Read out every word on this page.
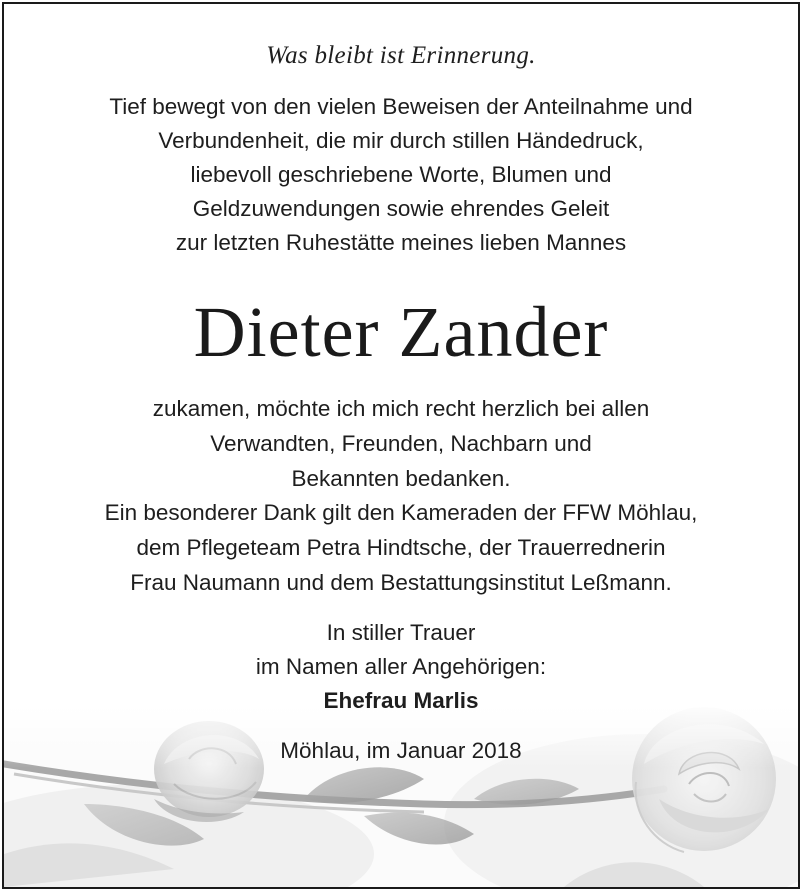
Was bleibt ist Erinnerung.
Tief bewegt von den vielen Beweisen der Anteilnahme und
Verbundenheit, die mir durch stillen Händedruck,
liebevoll geschriebene Worte, Blumen und
Geldzuwendungen sowie ehrendes Geleit
zur letzten Ruhestätte meines lieben Mannes
Dieter Zander
zukamen, möchte ich mich recht herzlich bei allen
Verwandten, Freunden, Nachbarn und
Bekannten bedanken.
Ein besonderer Dank gilt den Kameraden der FFW Möhlau,
dem Pflegeteam Petra Hindtsche, der Trauerrednerin
Frau Naumann und dem Bestattungsinstitut Leßmann.
In stiller Trauer
im Namen aller Angehörigen:
Ehefrau Marlis
Möhlau, im Januar 2018
